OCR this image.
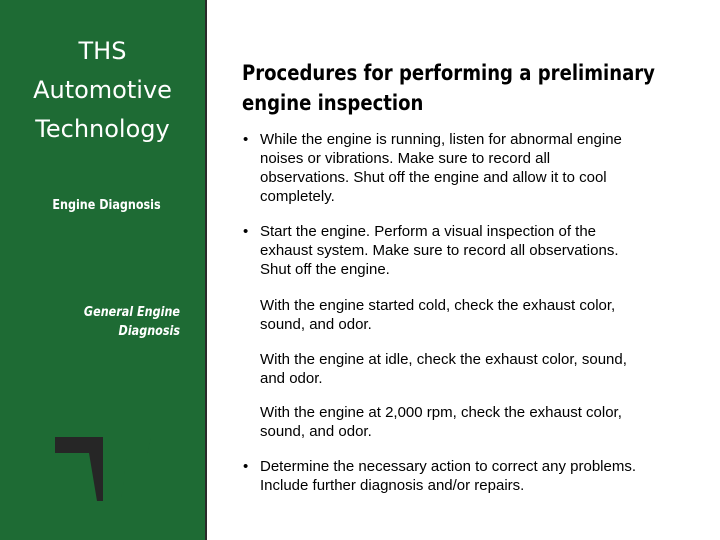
THS
Automotive
Technology
Engine Diagnosis
General Engine
Diagnosis
Procedures for performing a preliminary
engine inspection
• While the engine is running, listen for abnormal engine
noises or vibrations. Make sure to record all
observations. Shut off the engine and allow it to cool
completely.
• Start the engine. Perform a visual inspection of the
exhaust system. Make sure to record all observations.
Shut off the engine.
With the engine started cold, check the exhaust color,
sound, and odor.
With the engine at idle, check the exhaust color, sound,
and odor.
With the engine at 2,000 rpm, check the exhaust color,
sound, and odor.
• Determine the necessary action to correct any problems.
Include further diagnosis and/or repairs.
